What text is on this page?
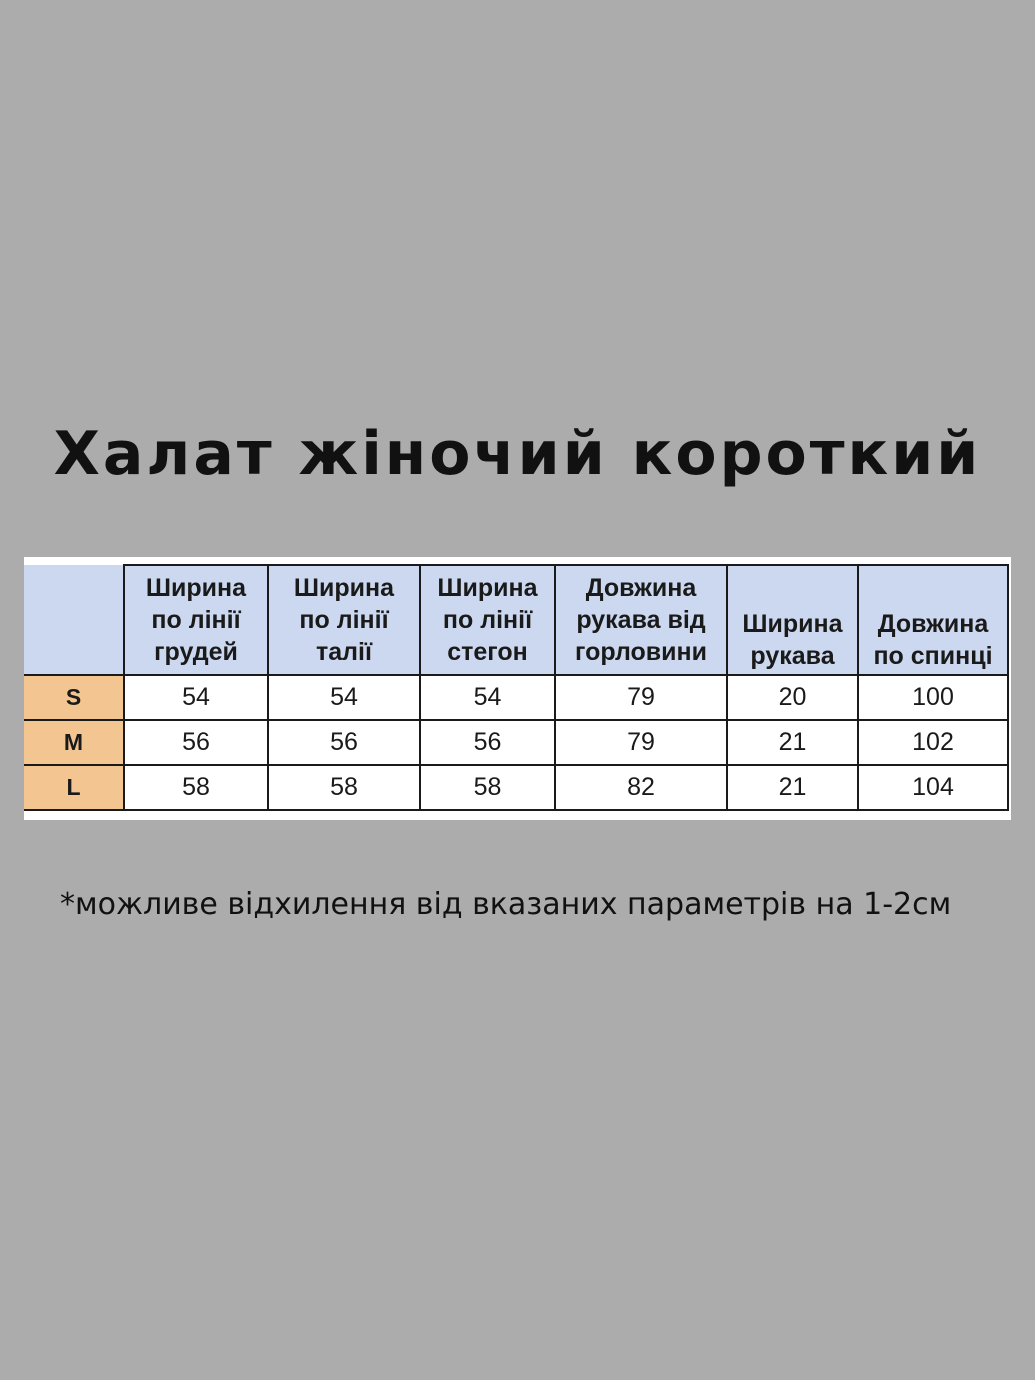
Халат жіночий короткий

	Ширина
по лінії
грудей	Ширина
по лінії
талії	Ширина
по лінії
стегон	Довжина
рукава від
горловини	Ширина
рукава	Довжина
по спинці

S	54	54	54	79	20	100
M	56	56	56	79	21	102
L	58	58	58	82	21	104

*можливе відхилення від вказаних параметрів на 1-2см
